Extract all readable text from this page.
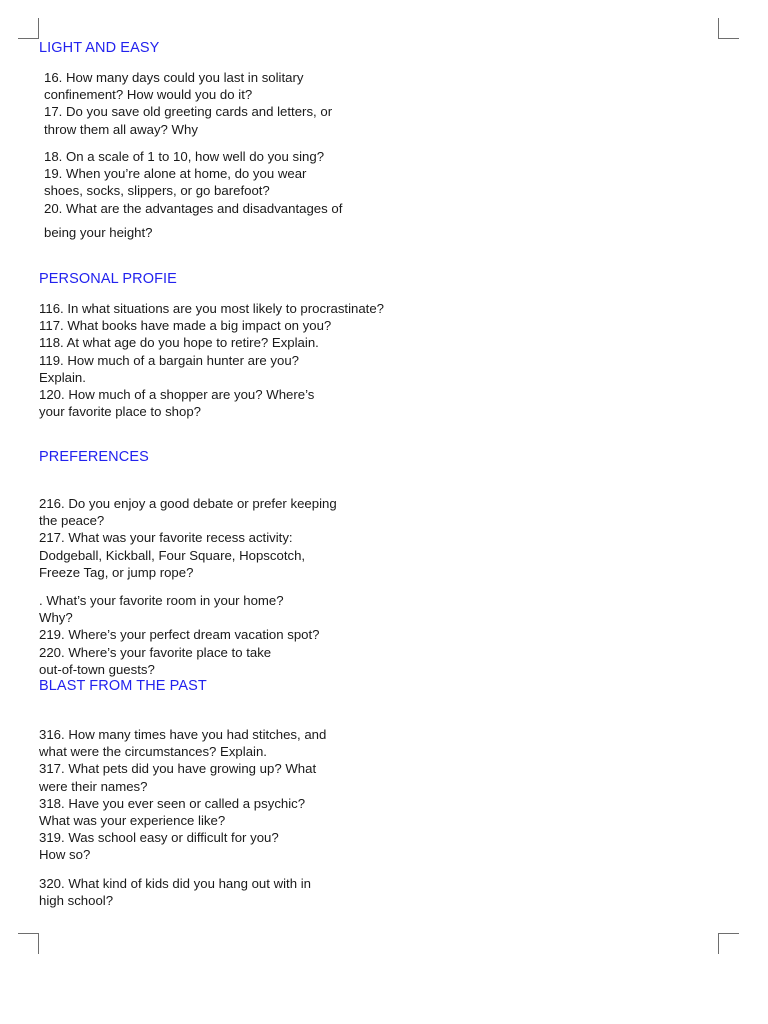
LIGHT AND EASY
16. How many days could you last in solitary
confinement? How would you do it?
17. Do you save old greeting cards and letters, or
throw them all away? Why
18. On a scale of 1 to 10, how well do you sing?
19. When you’re alone at home, do you wear
shoes, socks, slippers, or go barefoot?
20. What are the advantages and disadvantages of
being your height?
PERSONAL PROFIE
116. In what situations are you most likely to procrastinate?
117. What books have made a big impact on you?
118. At what age do you hope to retire? Explain.
119. How much of a bargain hunter are you?
Explain.
120. How much of a shopper are you? Where’s
your favorite place to shop?
PREFERENCES
216. Do you enjoy a good debate or prefer keeping
the peace?
217. What was your favorite recess activity:
Dodgeball, Kickball, Four Square, Hopscotch,
Freeze Tag, or jump rope?
. What’s your favorite room in your home?
Why?
219. Where’s your perfect dream vacation spot?
220. Where’s your favorite place to take
out-of-town guests?
BLAST FROM THE PAST
316. How many times have you had stitches, and
what were the circumstances? Explain.
317. What pets did you have growing up? What
were their names?
318. Have you ever seen or called a psychic?
What was your experience like?
319. Was school easy or difficult for you?
How so?
320. What kind of kids did you hang out with in
high school?
